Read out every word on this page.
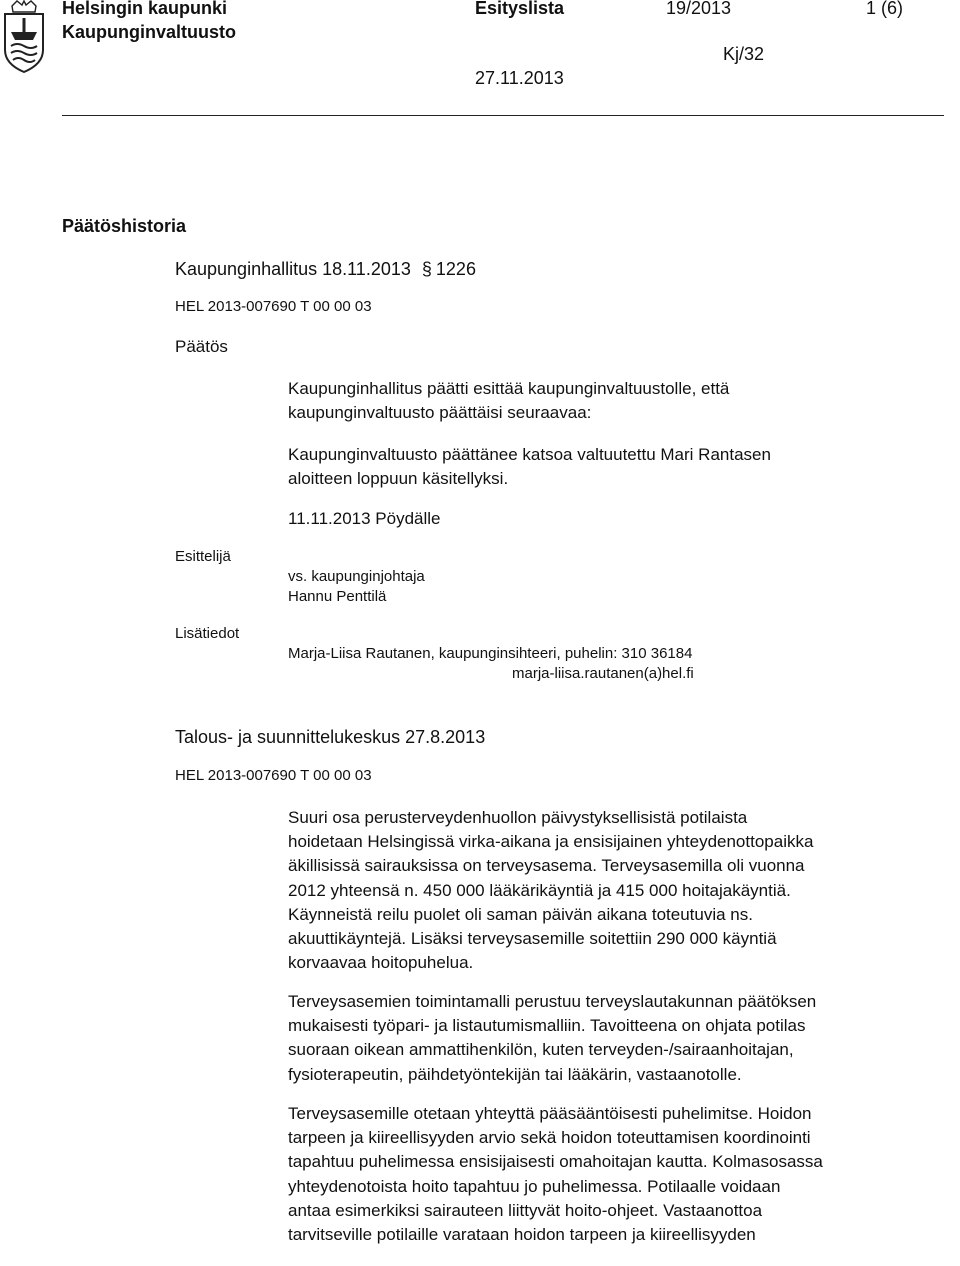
Helsingin kaupunki
Kaupunginvaltuusto
Esityslista	19/2013	1 (6)
Kj/32
27.11.2013
Päätöshistoria
Kaupunginhallitus 18.11.2013 § 1226
HEL 2013-007690 T 00 00 03
Päätös
Kaupunginhallitus päätti esittää kaupunginvaltuustolle, että
kaupunginvaltuusto päättäisi seuraavaa:
Kaupunginvaltuusto päättänee katsoa valtuutettu Mari Rantasen
aloitteen loppuun käsitellyksi.
11.11.2013 Pöydälle
Esittelijä
vs. kaupunginjohtaja
Hannu Penttilä
Lisätiedot
Marja-Liisa Rautanen, kaupunginsihteeri, puhelin: 310 36184
marja-liisa.rautanen(a)hel.fi
Talous- ja suunnittelukeskus 27.8.2013
HEL 2013-007690 T 00 00 03
Suuri osa perusterveydenhuollon päivystyksellisistä potilaista
hoidetaan Helsingissä virka-aikana ja ensisijainen yhteydenottopaikka
äkillisissä sairauksissa on terveysasema. Terveysasemilla oli vuonna
2012 yhteensä n. 450 000 lääkärikäyntiä ja 415 000 hoitajakäyntiä.
Käynneistä reilu puolet oli saman päivän aikana toteutuvia ns.
akuuttikäyntejä. Lisäksi terveysasemille soitettiin 290 000 käyntiä
korvaavaa hoitopuhelua.
Terveysasemien toimintamalli perustuu terveyslautakunnan päätöksen
mukaisesti työpari- ja listautumismalliin. Tavoitteena on ohjata potilas
suoraan oikean ammattihenkilön, kuten terveyden-/sairaanhoitajan,
fysioterapeutin, päihdetyöntekijän tai lääkärin, vastaanotolle.
Terveysasemille otetaan yhteyttä pääsääntöisesti puhelimitse. Hoidon
tarpeen ja kiireellisyyden arvio sekä hoidon toteuttamisen koordinointi
tapahtuu puhelimessa ensisijaisesti omahoitajan kautta. Kolmasosassa
yhteydenotoista hoito tapahtuu jo puhelimessa. Potilaalle voidaan
antaa esimerkiksi sairauteen liittyvät hoito-ohjeet. Vastaanottoa
tarvitseville potilaille varataan hoidon tarpeen ja kiireellisyyden
